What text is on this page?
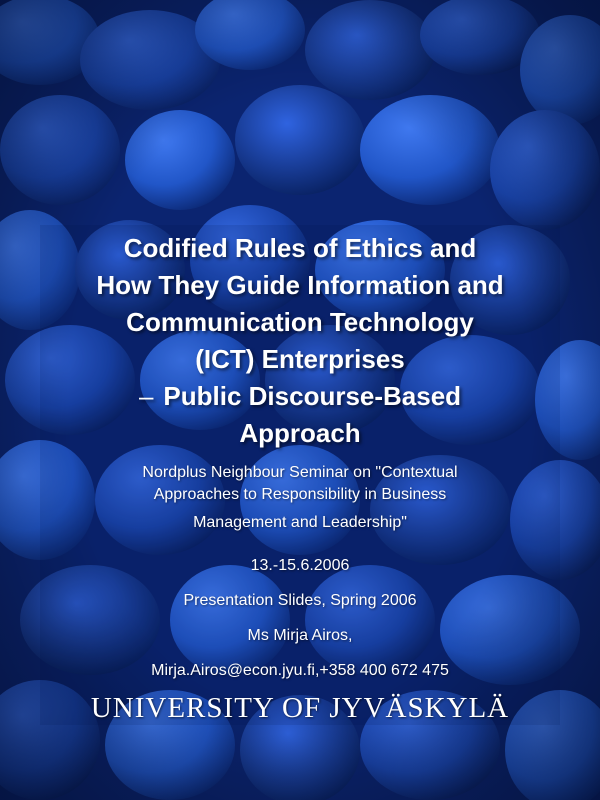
Codified Rules of Ethics and
How They Guide Information and
Communication Technology
(ICT) Enterprises
– Public Discourse-Based
Approach
Nordplus Neighbour Seminar on "Contextual
Approaches to Responsibility in Business
Management and Leadership"
13.-15.6.2006
Presentation Slides, Spring 2006
Ms Mirja Airos,
Mirja.Airos@econ.jyu.fi,+358 400 672 475
UNIVERSITY OF JYVÄSKYLÄ
